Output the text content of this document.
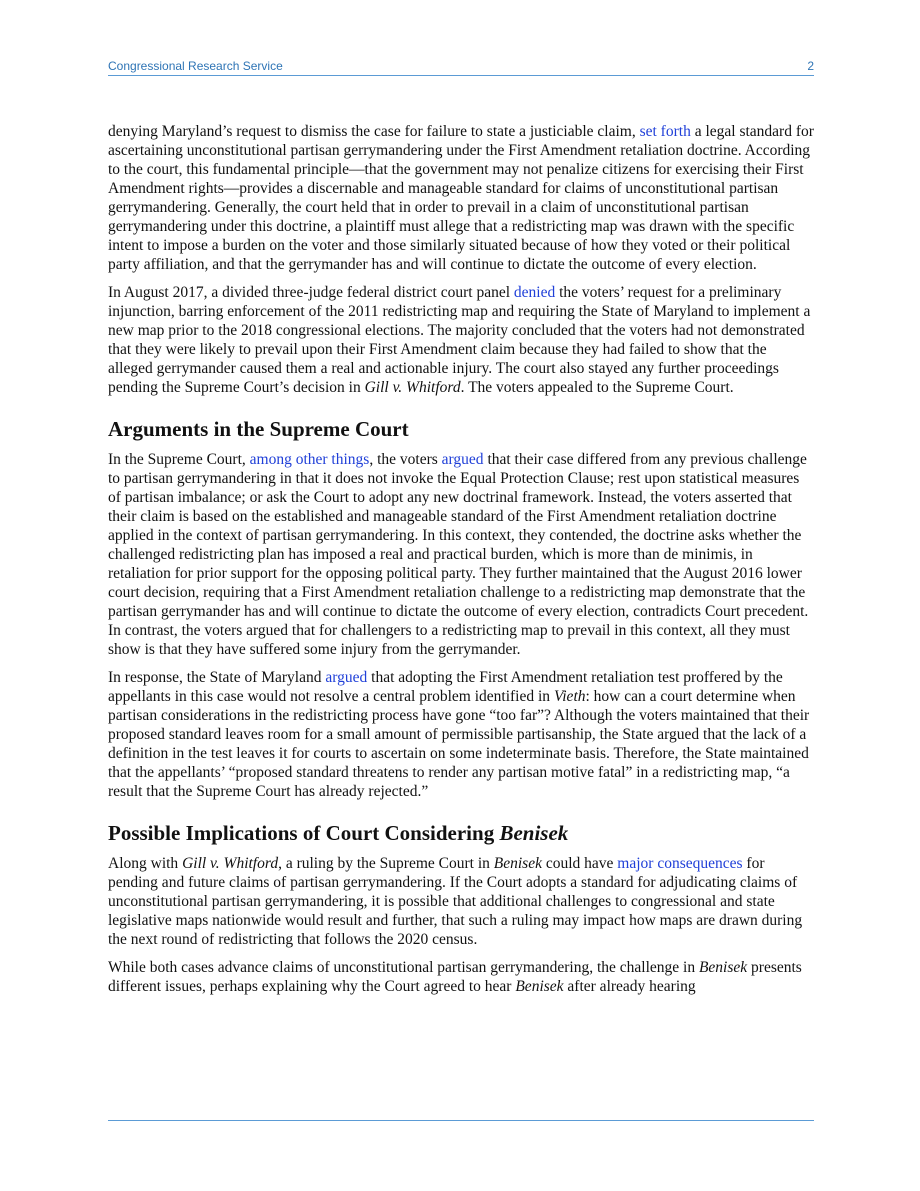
Congressional Research Service	2

denying Maryland’s request to dismiss the case for failure to state a justiciable claim, set forth a legal standard for ascertaining unconstitutional partisan gerrymandering under the First Amendment retaliation doctrine. According to the court, this fundamental principle—that the government may not penalize citizens for exercising their First Amendment rights—provides a discernable and manageable standard for claims of unconstitutional partisan gerrymandering. Generally, the court held that in order to prevail in a claim of unconstitutional partisan gerrymandering under this doctrine, a plaintiff must allege that a redistricting map was drawn with the specific intent to impose a burden on the voter and those similarly situated because of how they voted or their political party affiliation, and that the gerrymander has and will continue to dictate the outcome of every election.

In August 2017, a divided three-judge federal district court panel denied the voters’ request for a preliminary injunction, barring enforcement of the 2011 redistricting map and requiring the State of Maryland to implement a new map prior to the 2018 congressional elections. The majority concluded that the voters had not demonstrated that they were likely to prevail upon their First Amendment claim because they had failed to show that the alleged gerrymander caused them a real and actionable injury. The court also stayed any further proceedings pending the Supreme Court’s decision in Gill v. Whitford. The voters appealed to the Supreme Court.

Arguments in the Supreme Court

In the Supreme Court, among other things, the voters argued that their case differed from any previous challenge to partisan gerrymandering in that it does not invoke the Equal Protection Clause; rest upon statistical measures of partisan imbalance; or ask the Court to adopt any new doctrinal framework. Instead, the voters asserted that their claim is based on the established and manageable standard of the First Amendment retaliation doctrine applied in the context of partisan gerrymandering. In this context, they contended, the doctrine asks whether the challenged redistricting plan has imposed a real and practical burden, which is more than de minimis, in retaliation for prior support for the opposing political party. They further maintained that the August 2016 lower court decision, requiring that a First Amendment retaliation challenge to a redistricting map demonstrate that the partisan gerrymander has and will continue to dictate the outcome of every election, contradicts Court precedent. In contrast, the voters argued that for challengers to a redistricting map to prevail in this context, all they must show is that they have suffered some injury from the gerrymander.

In response, the State of Maryland argued that adopting the First Amendment retaliation test proffered by the appellants in this case would not resolve a central problem identified in Vieth: how can a court determine when partisan considerations in the redistricting process have gone “too far”? Although the voters maintained that their proposed standard leaves room for a small amount of permissible partisanship, the State argued that the lack of a definition in the test leaves it for courts to ascertain on some indeterminate basis. Therefore, the State maintained that the appellants’ “proposed standard threatens to render any partisan motive fatal” in a redistricting map, “a result that the Supreme Court has already rejected.”

Possible Implications of Court Considering Benisek

Along with Gill v. Whitford, a ruling by the Supreme Court in Benisek could have major consequences for pending and future claims of partisan gerrymandering. If the Court adopts a standard for adjudicating claims of unconstitutional partisan gerrymandering, it is possible that additional challenges to congressional and state legislative maps nationwide would result and further, that such a ruling may impact how maps are drawn during the next round of redistricting that follows the 2020 census.

While both cases advance claims of unconstitutional partisan gerrymandering, the challenge in Benisek presents different issues, perhaps explaining why the Court agreed to hear Benisek after already hearing
